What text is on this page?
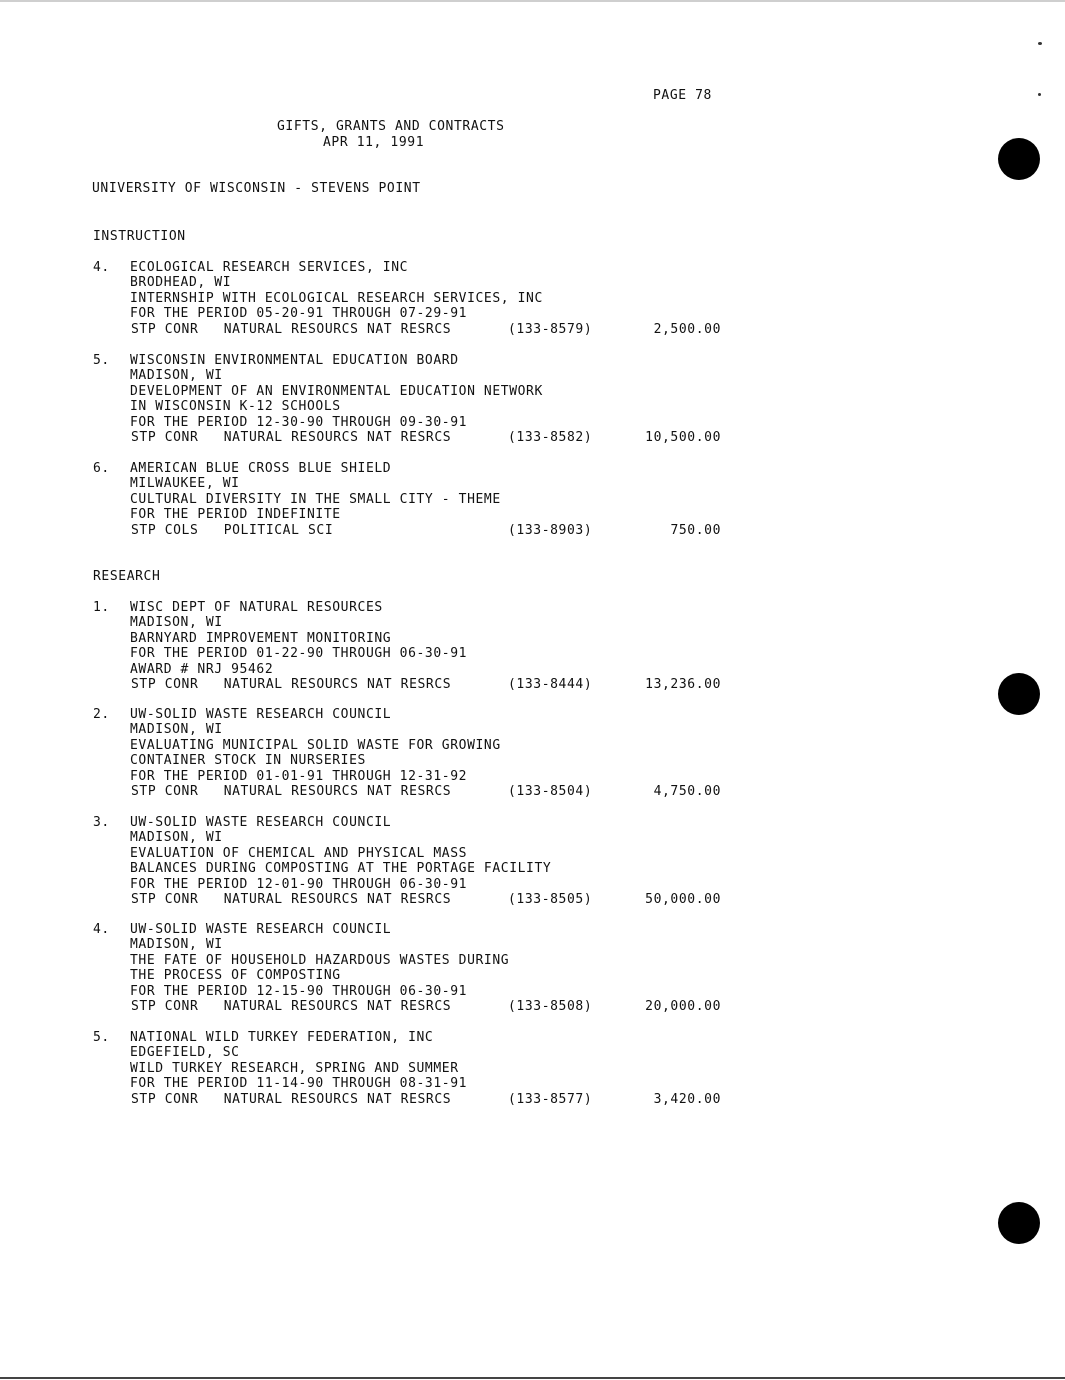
PAGE 78
GIFTS, GRANTS AND CONTRACTS
APR 11, 1991
UNIVERSITY OF WISCONSIN - STEVENS POINT
INSTRUCTION
4. ECOLOGICAL RESEARCH SERVICES, INC
BRODHEAD, WI
INTERNSHIP WITH ECOLOGICAL RESEARCH SERVICES, INC
FOR THE PERIOD 05-20-91 THROUGH 07-29-91
STP CONR   NATURAL RESOURCS NAT RESRCS	(133-8579)	2,500.00
5. WISCONSIN ENVIRONMENTAL EDUCATION BOARD
MADISON, WI
DEVELOPMENT OF AN ENVIRONMENTAL EDUCATION NETWORK
IN WISCONSIN K-12 SCHOOLS
FOR THE PERIOD 12-30-90 THROUGH 09-30-91
STP CONR   NATURAL RESOURCS NAT RESRCS	(133-8582)	10,500.00
6. AMERICAN BLUE CROSS BLUE SHIELD
MILWAUKEE, WI
CULTURAL DIVERSITY IN THE SMALL CITY - THEME
FOR THE PERIOD INDEFINITE
STP COLS   POLITICAL SCI	(133-8903)	750.00
RESEARCH
1. WISC DEPT OF NATURAL RESOURCES
MADISON, WI
BARNYARD IMPROVEMENT MONITORING
FOR THE PERIOD 01-22-90 THROUGH 06-30-91
AWARD # NRJ 95462
STP CONR   NATURAL RESOURCS NAT RESRCS	(133-8444)	13,236.00
2. UW-SOLID WASTE RESEARCH COUNCIL
MADISON, WI
EVALUATING MUNICIPAL SOLID WASTE FOR GROWING
CONTAINER STOCK IN NURSERIES
FOR THE PERIOD 01-01-91 THROUGH 12-31-92
STP CONR   NATURAL RESOURCS NAT RESRCS	(133-8504)	4,750.00
3. UW-SOLID WASTE RESEARCH COUNCIL
MADISON, WI
EVALUATION OF CHEMICAL AND PHYSICAL MASS
BALANCES DURING COMPOSTING AT THE PORTAGE FACILITY
FOR THE PERIOD 12-01-90 THROUGH 06-30-91
STP CONR   NATURAL RESOURCS NAT RESRCS	(133-8505)	50,000.00
4. UW-SOLID WASTE RESEARCH COUNCIL
MADISON, WI
THE FATE OF HOUSEHOLD HAZARDOUS WASTES DURING
THE PROCESS OF COMPOSTING
FOR THE PERIOD 12-15-90 THROUGH 06-30-91
STP CONR   NATURAL RESOURCS NAT RESRCS	(133-8508)	20,000.00
5. NATIONAL WILD TURKEY FEDERATION, INC
EDGEFIELD, SC
WILD TURKEY RESEARCH, SPRING AND SUMMER
FOR THE PERIOD 11-14-90 THROUGH 08-31-91
STP CONR   NATURAL RESOURCS NAT RESRCS	(133-8577)	3,420.00
